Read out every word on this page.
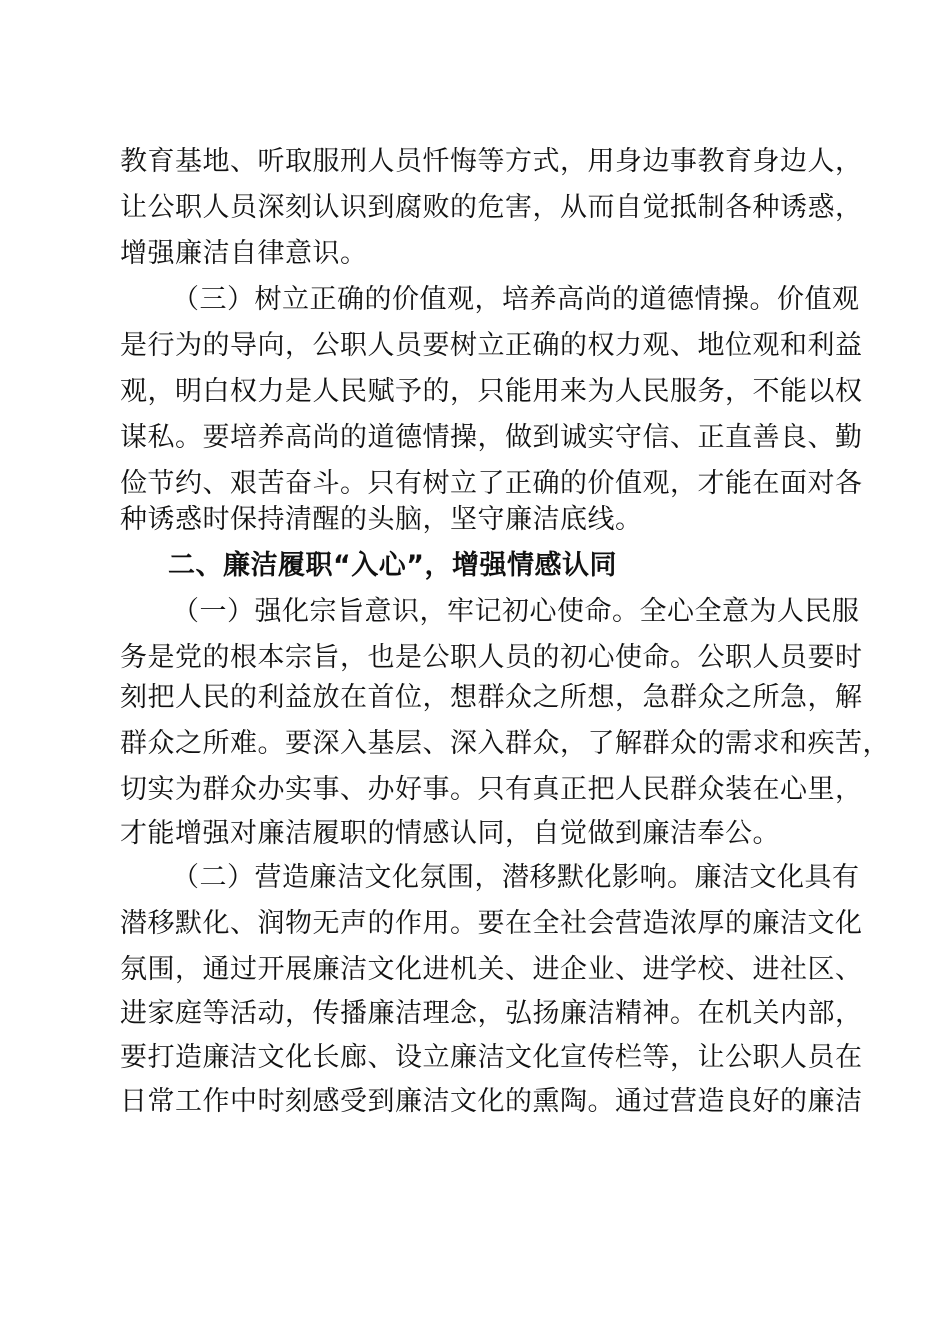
教育基地、听取服刑人员忏悔等方式，用身边事教育身边人，
让公职人员深刻认识到腐败的危害，从而自觉抵制各种诱惑，
增强廉洁自律意识。
（三）树立正确的价值观，培养高尚的道德情操。价值观
是行为的导向，公职人员要树立正确的权力观、地位观和利益
观，明白权力是人民赋予的，只能用来为人民服务，不能以权
谋私。要培养高尚的道德情操，做到诚实守信、正直善良、勤
俭节约、艰苦奋斗。只有树立了正确的价值观，才能在面对各
种诱惑时保持清醒的头脑，坚守廉洁底线。
二、廉洁履职“入心”，增强情感认同
（一）强化宗旨意识，牢记初心使命。全心全意为人民服
务是党的根本宗旨，也是公职人员的初心使命。公职人员要时
刻把人民的利益放在首位，想群众之所想，急群众之所急，解
群众之所难。要深入基层、深入群众，了解群众的需求和疾苦，
切实为群众办实事、办好事。只有真正把人民群众装在心里，
才能增强对廉洁履职的情感认同，自觉做到廉洁奉公。
（二）营造廉洁文化氛围，潜移默化影响。廉洁文化具有
潜移默化、润物无声的作用。要在全社会营造浓厚的廉洁文化
氛围，通过开展廉洁文化进机关、进企业、进学校、进社区、
进家庭等活动，传播廉洁理念，弘扬廉洁精神。在机关内部，
要打造廉洁文化长廊、设立廉洁文化宣传栏等，让公职人员在
日常工作中时刻感受到廉洁文化的熏陶。通过营造良好的廉洁
